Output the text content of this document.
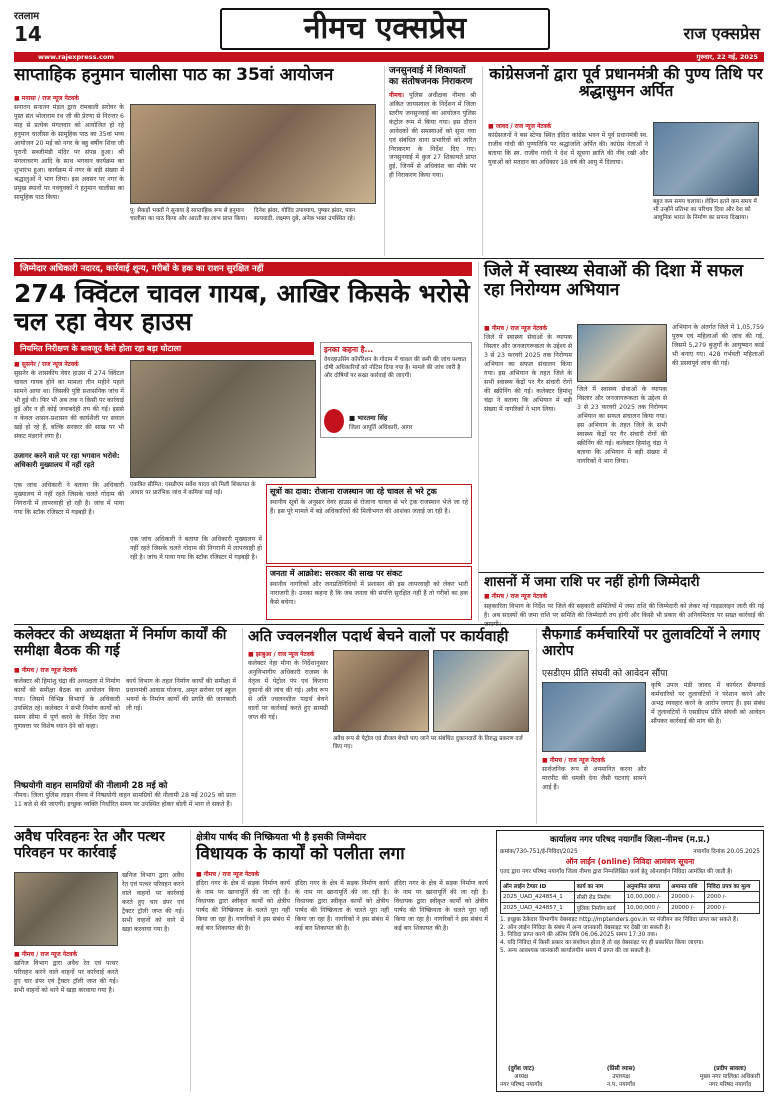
रतलाम
14	नीमच एक्सप्रेस	राज एक्सप्रेस
www.rajexpress.com	गुरुवार, 22 मई, 2025
साप्ताहिक हनुमान चालीसा पाठ का 35वां आयोजन
■ मनासा / राज न्यूज नेटवर्क
सनातन सनातन मंडल द्वारा रामबाली सरोवर के पुस्त संत भोलाराम रथ जी की प्रेरणा से निरन्तर 6 माह से प्रत्येक मंगलवार को आयोजित हो रहे हनुमान चालीसा के सामूहिक पाठ का 35वां भव्य आयोजन 20 मई को नगर के बहु बर्षीय शिवा जी पुरानी सब्जीमंडी मंदिर पर संपन्न हुआ। श्री मंगलाचरण आदि के साथ भगवान कार्यक्रम का शुभारंभ हुआ। कार्यक्रम में नगर के बड़ी संख्या में श्रद्धालुओं ने भाग लिया। इस अवसर पर नगर के प्रमुख स्थानों पर नवयुवकों ने हनुमान चालीसा का सामूहिक पाठ किया।
पू: सैकड़ों भक्तों ने सुनाया है साप्ताहिक रूप से हनुमान चालीसा का पाठ किया और आरती का लाभ प्राप्त किया।
दिनेश झंवर, गोविंद उपाध्याय, पुष्कर झंवर, पवन सत्यवादी, लक्ष्मण दुबे, अनेक भक्त उपस्थित रहे।
जनसुनवाई में शिकायतों का संतोषजनक निराकरण
नीमच। पुलिस अधीक्षक नीमच श्री अंकित जायसवाल के निर्देशन में जिला स्तरीय जनसुनवाई का आयोजन पुलिस कंट्रोल रूम में किया गया। इस दौरान आवेदकों की समस्याओं को सुना गया एवं संबंधित थाना प्रभारियों को त्वरित निराकरण के निर्देश दिए गए। जनसुनवाई में कुल 27 शिकायतें प्राप्त हुई, जिनमें से अधिकांश का मौके पर ही निराकरण किया गया।
कांग्रेसजनों द्वारा पूर्व प्रधानमंत्री की पुण्य तिथि पर श्रद्धासुमन अर्पित
■ जावद / राज न्यूज नेटवर्क
कांग्रेसजनों ने बस स्टेण्ड स्थित इंदिरा कांग्रेस भवन में पूर्व प्रधानमंत्री स्व. राजीव गांधी की पुण्यतिथि पर श्रद्धांजलि अर्पित की। कांग्रेस नेताओं ने बताया कि स्व. राजीव गांधी ने देश में सूचना क्रांति की नींव रखी और युवाओं को मतदान का अधिकार 18 वर्ष की आयु में दिलाया।
बहुत कम समय चलाया। लेकिन इतने कम समय में भी उन्होंने प्रतिभा का परिचय दिया और देश को आधुनिक भारत के निर्माण का सपना दिखाया।
जिम्मेदार अधिकारी नदारद, कार्रवाई शून्य, गरीबों के हक का राशन सुरक्षित नहीं
274 क्विंटल चावल गायब, आखिर किसके भरोसे चल रहा वेयर हाउस
नियमित निरीक्षण के बावजूद कैसे होता रहा बड़ा घोटाला	इनका कहना है...
वेयरहाउसिंग कॉर्पोरेशन के गोदाम में चावल की कमी की जांच पश्चात दोषी अधिकारियों को नोटिस दिया गया है। मामले की जांच जारी है और दोषियों पर सख्त कार्रवाई की जाएगी।
■ भारतमा सिंह
जिला आपूर्ति अधिकारी, आगर
■ सुसनेर / राज न्यूज नेटवर्क
सुसनेर के शासकीय वेयर हाउस में 274 क्विंटल चावल गायब होने का मामला तीन महीने पहले सामने आया था। जिसकी पुष्टि प्रशासनिक जांच में भी हुई थी। फिर भी अब तक न किसी पर कार्रवाई हुई और न ही कोई जवाबदेही तय की गई। इससे न केवल शासन-प्रशासन की कार्यशैली पर सवाल खड़े हो रहे हैं, बल्कि सरकार की साख पर भी संकट मंडराने लगा है।
उजागर करने वाले पर रहा भगवान भरोसे: अधिकारी मुख्यालय में नहीं रहते
एक जांच अधिकारी ने बताया कि अधिकारी मुख्यालय में नहीं रहते जिसके चलते गोदाम की निगरानी में लापरवाही हो रही है। जांच में पाया गया कि स्टॉक रजिस्टर में गड़बड़ी है।
एकत्रित सीमित: एसडीएम सर्वेश यादव को मिली शिकायत के आधार पर प्रारंभिक जांच में कमियां पाई गईं।	सूत्रों का दावा: रोजाना राजस्थान जा रहे चावल से भरे ट्रक
स्थानीय सूत्रों के अनुसार वेयर हाउस से रोजाना चावल से भरे ट्रक राजस्थान भेजे जा रहे हैं। इस पूरे मामले में बड़े अधिकारियों की मिलीभगत की आशंका जताई जा रही है।
जनता में आक्रोश: सरकार की साख पर संकट
स्थानीय नागरिकों और जनप्रतिनिधियों में प्रशासन की इस लापरवाही को लेकर भारी नाराजगी है। उनका कहना है कि जब जनता की संपत्ति सुरक्षित नहीं है तो गरीबों का हक कैसे बचेगा।
एक जांच अधिकारी ने बताया कि अधिकारी मुख्यालय में नहीं रहते जिसके चलते गोदाम की निगरानी में लापरवाही हो रही है। जांच में पाया गया कि स्टॉक रजिस्टर में गड़बड़ी है।
जिले में स्वास्थ्य सेवाओं की दिशा में सफल रहा निरोग्यम अभियान
■ नीमच / राज न्यूज नेटवर्क
जिले में स्वास्थ्य सेवाओं के व्यापक विस्तार और जनजागरूकता के उद्देश्य से 3 से 23 फरवरी 2025 तक निरोग्यम अभियान का सफल संचालन किया गया। इस अभियान के तहत जिले के सभी स्वास्थ्य केंद्रों पर गैर संचारी रोगों की स्क्रीनिंग की गई। कलेक्टर हिमांशु चंद्रा ने बताया कि अभियान में बड़ी संख्या में नागरिकों ने भाग लिया।
जिले में स्वास्थ्य सेवाओं के व्यापक विस्तार और जनजागरूकता के उद्देश्य से 3 से 23 फरवरी 2025 तक निरोग्यम अभियान का सफल संचालन किया गया। इस अभियान के तहत जिले के सभी स्वास्थ्य केंद्रों पर गैर संचारी रोगों की स्क्रीनिंग की गई। कलेक्टर हिमांशु चंद्रा ने बताया कि अभियान में बड़ी संख्या में नागरिकों ने भाग लिया।
अभियान के अंतर्गत जिले में 1,05,759 पुरुष एवं महिलाओं की जांच की गई, जिसमें 5,279 बुजुर्गों के आयुष्मान कार्ड भी बनाए गए। 428 गर्भवती महिलाओं की प्रसवपूर्व जांच की गई।
शासनों में जमा राशि पर नहीं होगी जिम्मेदारी
■ नीमच / राज न्यूज नेटवर्क
सहकारिता विभाग के निर्देश पर जिले की सहकारी समितियों में जमा राशि की जिम्मेदारी को लेकर नई गाइडलाइन जारी की गई है। अब सदस्यों की जमा राशि पर समिति की जिम्मेदारी तय होगी और किसी भी प्रकार की अनियमितता पर सख्त कार्रवाई की
कलेक्टर की अध्यक्षता में निर्माण कार्यों की समीक्षा बैठक की गई
■ नीमच / राज न्यूज नेटवर्क
कलेक्टर श्री हिमांशु चंद्रा की अध्यक्षता में निर्माण कार्यों की समीक्षा बैठक का आयोजन किया गया। जिसमें विभिन्न विभागों के अधिकारी उपस्थित रहे। कलेक्टर ने सभी निर्माण कार्यों को समय सीमा में पूर्ण करने के निर्देश दिए तथा गुणवत्ता पर विशेष ध्यान देने को कहा।
कार्य विभाग के तहत निर्माण कार्यों की समीक्षा में प्रधानमंत्री आवास योजना, अमृत सरोवर एवं स्कूल भवनों के निर्माण कार्यों की प्रगति की जानकारी ली गई।
निष्प्रयोगी वाहन सामग्रियों की नीलामी 28 मई को
नीमच। जिला पुलिस लाइन नीमच में निष्प्रयोगी वाहन सामग्रियों की नीलामी 28 मई 2025 को प्रातः 11 बजे से की जाएगी। इच्छुक व्यक्ति निर्धारित समय पर उपस्थित होकर बोली में भाग ले सकते हैं।
अति ज्वलनशील पदार्थ बेचने वालों पर कार्यवाही
■ झाबुआ / राज न्यूज नेटवर्क
कलेक्टर नेहा मीना के निर्देशानुसार अनुविभागीय अधिकारी राजस्व के नेतृत्व में पेट्रोल पंप एवं किराना दुकानों की जांच की गई। अवैध रूप से अति ज्वलनशील पदार्थ बेचने वालों पर कार्रवाई करते हुए सामग्री जप्त की गई।
अवैध रूप से पेट्रोल एवं डीजल बेचते पाए जाने पर संबंधित दुकानदारों के विरुद्ध प्रकरण दर्ज किए गए।
सैफगार्ड कर्मचारियों पर तुलावटियों ने लगाए आरोप
एसडीएम प्रीति संघवी को आवेदन सौंपा
■ नीमच / राज न्यूज नेटवर्क
सार्वजनिक रूप से अपमानित करना और मारपीट की धमकी देना जैसी घटनाएं सामने आई हैं।
कृषि उपज मंडी जावद में कार्यरत सैफगार्ड कर्मचारियों पर तुलावटियों ने परेशान करने और अभद्र व्यवहार करने के आरोप लगाए हैं। इस संबंध में तुलावटियों ने एसडीएम प्रीति संघवी को आवेदन सौंपकर कार्रवाई की मांग की है।
अवैध परिवहनः रेत और पत्थर परिवहन पर कार्रवाई
खनिज विभाग द्वारा अवैध रेत एवं पत्थर परिवहन करने वाले वाहनों पर कार्रवाई करते हुए चार डंपर एवं ट्रैक्टर ट्रॉली जप्त की गई। सभी वाहनों को थाने में खड़ा करवाया गया है।
■ नीमच / राज न्यूज नेटवर्क
खनिज विभाग द्वारा अवैध रेत एवं पत्थर परिवहन करने वाले वाहनों पर कार्रवाई करते हुए चार डंपर एवं ट्रैक्टर ट्रॉली जप्त की गई। सभी वाहनों को थाने में खड़ा करवाया गया है।
क्षेत्रीय पार्षद की निष्क्रियता भी है इसकी जिम्मेदार
विधायक के कार्यों को पलीता लगा
■ नीमच / राज न्यूज नेटवर्क
इंदिरा नगर के क्षेत्र में सड़क निर्माण कार्य के नाम पर खानापूर्ति की जा रही है। विधायक द्वारा स्वीकृत कार्यों को क्षेत्रीय पार्षद की निष्क्रियता के चलते पूरा नहीं किया जा रहा है। नागरिकों ने इस संबंध में कई बार शिकायत की है।
इंदिरा नगर के क्षेत्र में सड़क निर्माण कार्य के नाम पर खानापूर्ति की जा रही है। विधायक द्वारा स्वीकृत कार्यों को क्षेत्रीय पार्षद की निष्क्रियता के चलते पूरा नहीं किया जा रहा है। नागरिकों ने इस संबंध में कई बार शिकायत की है।
इंदिरा नगर के क्षेत्र में सड़क निर्माण कार्य के नाम पर खानापूर्ति की जा रही है। विधायक द्वारा स्वीकृत कार्यों को क्षेत्रीय पार्षद की निष्क्रियता के चलते पूरा नहीं किया जा रहा है। नागरिकों ने इस संबंध में कई बार शिकायत की है।
कार्यालय नगर परिषद नयागाँव जिला–नीमच (म.प्र.)
क्रमांक/730-751/ई-निविदा/2025	नयागाँव दिनांक 20.05.2025
ऑन लाईन (online) निविदा आमंत्रण सूचना
एतद द्वारा नगर परिषद नयागाँव जिला नीमच द्वारा निम्नलिखित कार्य हेतु ऑनलाईन निविदा आमंत्रित की जाती है।
ऑन लाईन टेण्डर ID	कार्य का नाम	अनुमानित लागत	अमानत राशि	निविदा प्रपत्र का मूल्य
2025_UAD_424854_1	सीसी रोड निर्माण	10,00,000 /-	20000 /-	2000 /-
2025_UAD_424857_1	पुलिया निर्माण कार्य	10,00,000 /-	20000 /-	2000 /-
1. इच्छुक ठेकेदार विभागीय वेबसाइट http://mptenders.gov.in पर पंजीयन कर निविदा प्राप्त कर सकते हैं।
2. ऑन लाईन निविदा के संबंध में अन्य जानकारी वेबसाइट पर देखी जा सकती है।
3. निविदा प्राप्त करने की अंतिम तिथि 06.06.2025 समय 17:30 तक।
4. यदि निविदा में किसी प्रकार का संशोधन होता है तो वह वेबसाइट पर ही प्रकाशित किया जाएगा।
5. अन्य आवश्यक जानकारी कार्यालयीन समय में प्राप्त की जा सकती है।
(दुर्गेश जाट)
अध्यक्ष
नगर परिषद नयागाँव
(प्रिंसी व्यास)
उपाध्यक्ष
न.प. नयागाँव
(प्रदीप सावला)
मुख्य नगर पालिका अधिकारी
नगर परिषद नयागाँव
